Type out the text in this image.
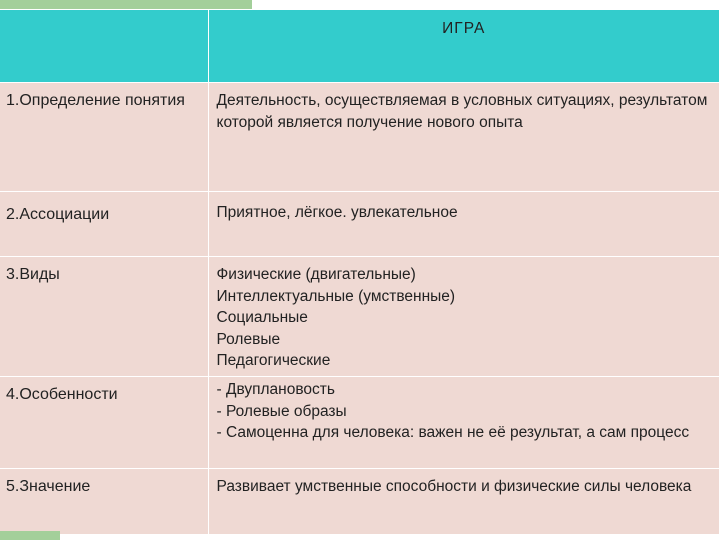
	ИГРА
1.Определение понятия	Деятельность, осуществляемая в условных ситуациях, результатом которой является получение нового опыта

2.Ассоциации	Приятное, лёгкое. увлекательное

3.Виды	Физические (двигательные)
Интеллектуальные (умственные)
Социальные
Ролевые
Педагогические

4.Особенности	- Двуплановость
- Ролевые образы
- Самоценна для человека: важен не её результат, а сам процесс

5.Значение	Развивает умственные способности и физические силы человека
